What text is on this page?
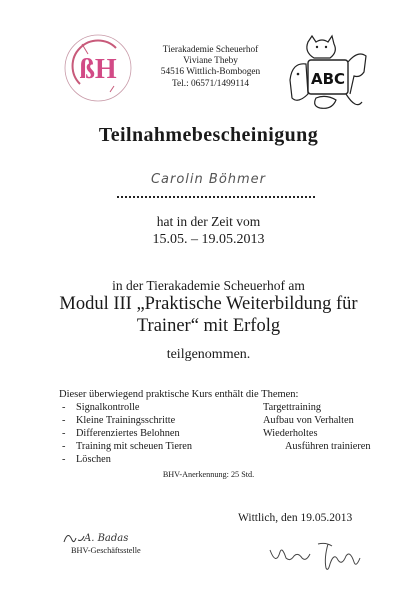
ßH
Tierakademie Scheuerhof
Viviane Theby
54516 Wittlich-Bombogen
Tel.: 06571/1499114	ABC
Teilnahmebescheinigung
Carolin Böhmer
hat in der Zeit vom
15.05. – 19.05.2013
in der Tierakademie Scheuerhof am
Modul III „Praktische Weiterbildung für
Trainer“ mit Erfolg
teilgenommen.
Dieser überwiegend praktische Kurs enthält die Themen:
- Signalkontrolle
- Kleine Trainingsschritte
- Differenziertes Belohnen
- Training mit scheuen Tieren
- Löschen
Targettraining
Aufbau von Verhalten
Wiederholtes
Ausführen trainieren
BHV-Anerkennung: 25 Std.
Wittlich, den 19.05.2013
A. Badas
BHV-Geschäftsstelle
Viviane Theby
